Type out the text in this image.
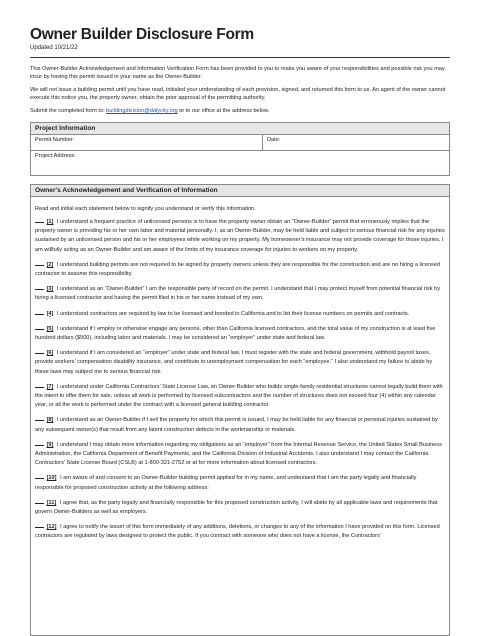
Owner Builder Disclosure Form
Updated 10/21/22

This Owner-Builder Acknowledgement and Information Verification Form has been provided to you to make you aware of your responsibilities and possible risk you may incur by having this permit issued in your name as the Owner-Builder.

We will not issue a building permit until you have read, initialed your understanding of each provision, signed, and returned this form to us. An agent of the owner cannot execute this notice you, the property owner, obtain the prior approval of the permitting authority.

Submit the completed form to: buildingdivision@dalycity.org or to our office at the address below.

Project Information
Permit Number:	Date:
Project Address:
Owner's Acknowledgement and Verification of Information

Read and initial each statement below to signify you understand or verify this information.

[1] I understand a frequent practice of unlicensed persons is to have the property owner obtain an “Owner-Builder” permit that erroneously implies that the property owner is providing his or her own labor and material personally. I, as an Owner-Builder, may be held liable and subject to serious financial risk for any injuries sustained by an unlicensed person and his or her employees while working on my property. My homeowner’s insurance may not provide coverage for those injuries. I am willfully acting as an Owner-Builder and am aware of the limits of my insurance coverage for injuries to workers on my property.

[2] I understand building permits are not required to be signed by property owners unless they are responsible for the construction and are no hiring a licensed contractor to assume this responsibility.

[3] I understand as an “Owner-Builder” I am the responsible party of record on the permit. I understand that I may protect myself from potential financial risk by hiring a licensed contractor and having the permit filed in his or her name instead of my own.

[4] I understand contractors are required by law to be licensed and bonded in California and to list their license numbers on permits and contracts.

[5] I understand if I employ or otherwise engage any persons, other than California licensed contractors, and the total value of my construction is at least five hundred dollars ($500), including labor and materials, I may be considered an “employer” under state and federal law.

[6] I understand if I am considered an “employer” under state and federal law, I must register with the state and federal government, withhold payroll taxes, provide workers’ compensation disability insurance, and contribute to unemployment compensation for each “employee.” I also understand my failure to abide by these laws may subject me to serious financial risk.

[7] I understand under California Contractors’ State License Law, an Owner-Builder who builds single-family residential structures cannot legally build them with the intent to offer them for sale, unless all work is performed by licensed subcontractors and the number of structures does not exceed four (4) within any calendar year, or all the work is performed under the contract with a licensed general building contractor.

[8] I understand as an Owner-Builder if I sell the property for which this permit is issued, I may be held liable for any financial or personal injuries sustained by any subsequent owner(s) that result from any latent construction defects in the workmanship or materials.

[9] I understand I may obtain more information regarding my obligations as an “employer” from the Internal Revenue Service, the United States Small Business Administration, the California Department of Benefit Payments, and the California Division of Industrial Accidents. I also understand I may contact the California Contractors’ State License Board (CSLB) at 1-800-321-2752 or at for more information about licensed contractors.

[10] I am aware of and consent to an Owner-Builder building permit applied for in my name, and understand that I am the party legally and financially responsible for proposed construction activity at the following address:

[11] I agree that, as the party legally and financially responsible for this proposed construction activity, I will abide by all applicable laws and requirements that govern Owner-Builders as well as employers.

[12] I agree to notify the issuer of this form immediately of any additions, deletions, or changes to any of the information I have provided on this form. Licensed contractors are regulated by laws designed to protect the public. If you contract with someone who does not have a license, the Contractors’
